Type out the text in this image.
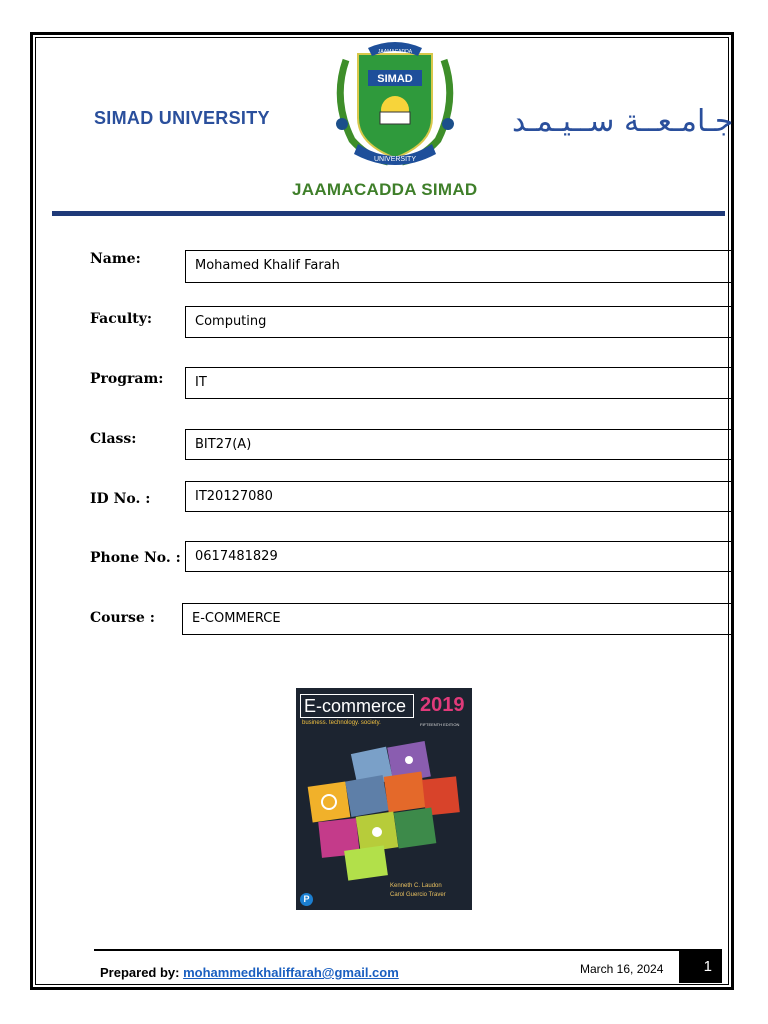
SIMAD UNIVERSITY
SIMAD
JAAMACADDA
UNIVERSITY
جـامـعــة ســيـمـد
JAAMACADDA SIMAD
Name:	Mohamed Khalif Farah
Faculty:	Computing
Program:	IT
Class:	BIT27(A)
ID No. :	IT20127080
Phone No. :	0617481829
Course :	E-COMMERCE
E-commerce 2019
business. technology. society.	FIFTEENTH EDITION
Kenneth C. Laudon
Carol Guercio Traver
P
Prepared by: mohammedkhaliffarah@gmail.com	March 16, 2024	1
